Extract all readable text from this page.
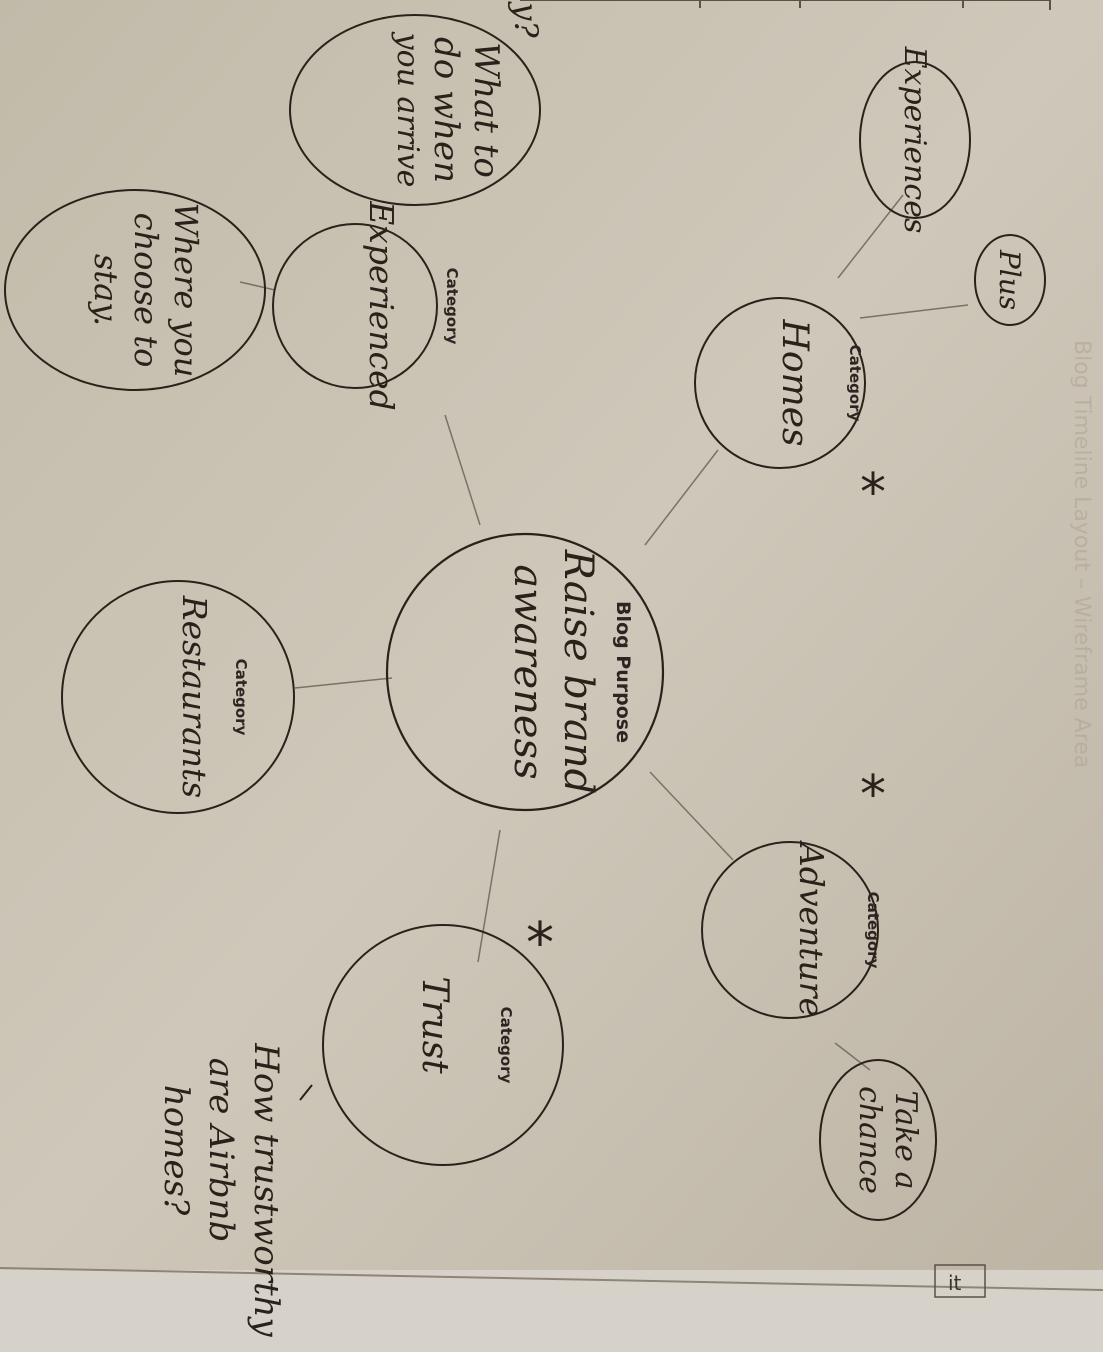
Blog Timeline Layout – Wireframe Area
Blog Purpose
Raise brand
awareness
Category
Homes
Category
Experienced
Category
Restaurants
Category
Adventure
Category
Trust
Experiences
Plus
What to
do when
you arrive
Where you
choose to
stay.
Take a
chance
How trustworthy
are Airbnb
homes?
y?
it
*
*
*
